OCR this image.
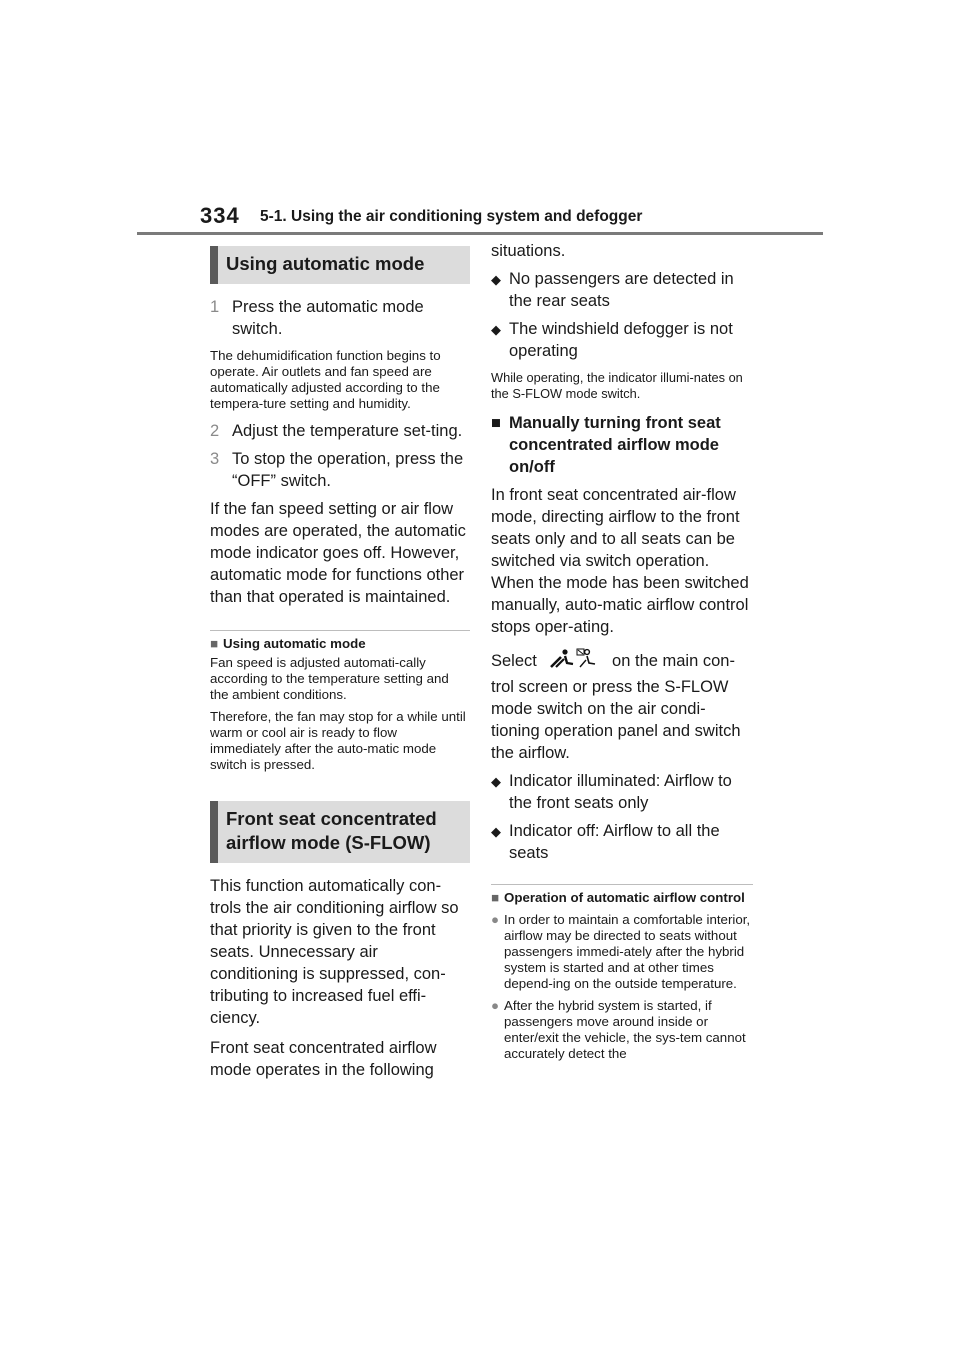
334 5-1. Using the air conditioning system and defogger
Using automatic mode
1 Press the automatic mode switch.

The dehumidification function begins to operate. Air outlets and fan speed are automatically adjusted according to the tempera-ture setting and humidity.

2 Adjust the temperature set-ting.
3 To stop the operation, press the “OFF” switch.

If the fan speed setting or air flow modes are operated, the automatic mode indicator goes off. However, automatic mode for functions other than that operated is maintained.

■ Using automatic mode

Fan speed is adjusted automati-cally according to the temperature setting and the ambient conditions.

Therefore, the fan may stop for a while until warm or cool air is ready to flow immediately after the auto-matic mode switch is pressed.

Front seat concentrated airflow mode (S-FLOW)

This function automatically con-trols the air conditioning airflow so that priority is given to the front seats. Unnecessary air conditioning is suppressed, con-tributing to increased fuel effi-ciency.

Front seat concentrated airflow mode operates in the following

situations.

◆ No passengers are detected in the rear seats
◆ The windshield defogger is not operating

While operating, the indicator illumi-nates on the S-FLOW mode switch.

■ Manually turning front seat concentrated airflow mode on/off

In front seat concentrated air-flow mode, directing airflow to the front seats only and to all seats can be switched via switch operation. When the mode has been switched manually, auto-matic airflow control stops oper-ating.

Select	on the main con-trol screen or press the S-FLOW mode switch on the air condi-tioning operation panel and switch the airflow.

◆ Indicator illuminated: Airflow to the front seats only
◆ Indicator off: Airflow to all the seats
■ Operation of automatic airflow control
● In order to maintain a comfortable interior, airflow may be directed to seats without passengers immedi-ately after the hybrid system is started and at other times depend-ing on the outside temperature.
● After the hybrid system is started, if passengers move around inside or enter/exit the vehicle, the sys-tem cannot accurately detect the
